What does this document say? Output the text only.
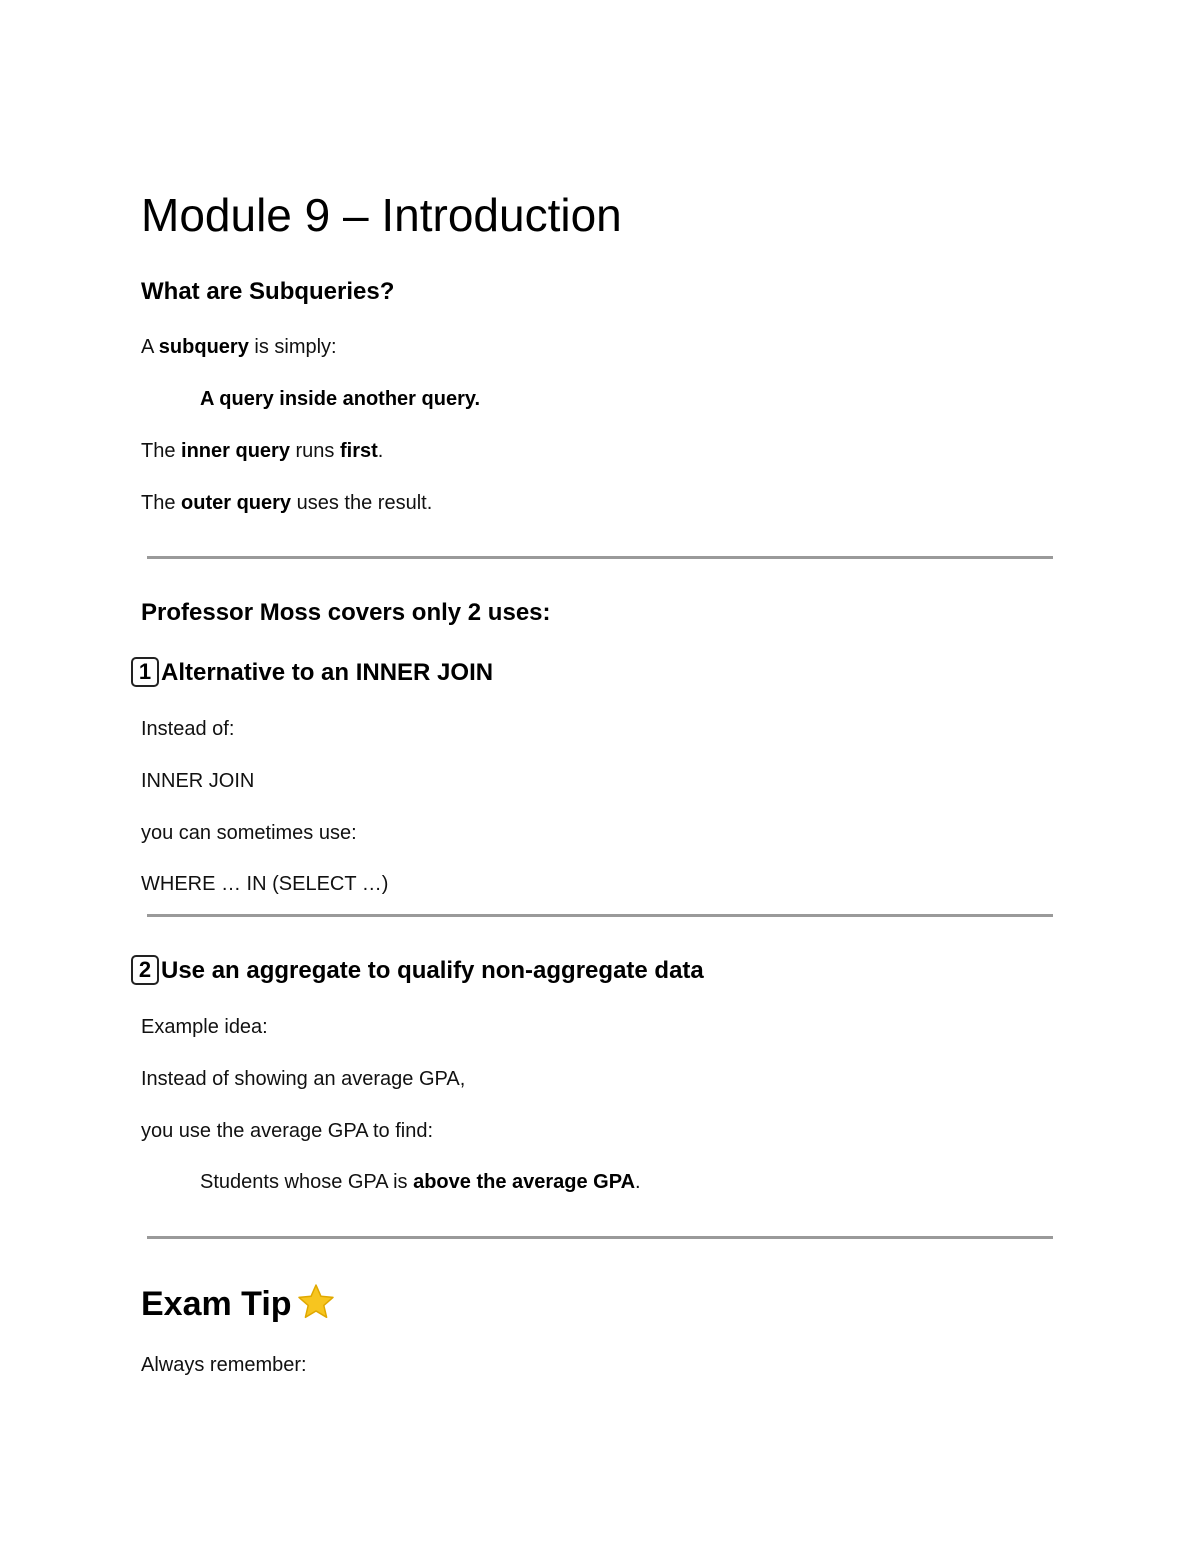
Module 9 – Introduction
What are Subqueries?

A subquery is simply:

A query inside another query.

The inner query runs first.

The outer query uses the result.

Professor Moss covers only 2 uses:
1 Alternative to an INNER JOIN

Instead of:

INNER JOIN

you can sometimes use:

WHERE … IN (SELECT …)

2 Use an aggregate to qualify non-aggregate data

Example idea:

Instead of showing an average GPA,

you use the average GPA to find:

Students whose GPA is above the average GPA.

Exam Tip

Always remember:
